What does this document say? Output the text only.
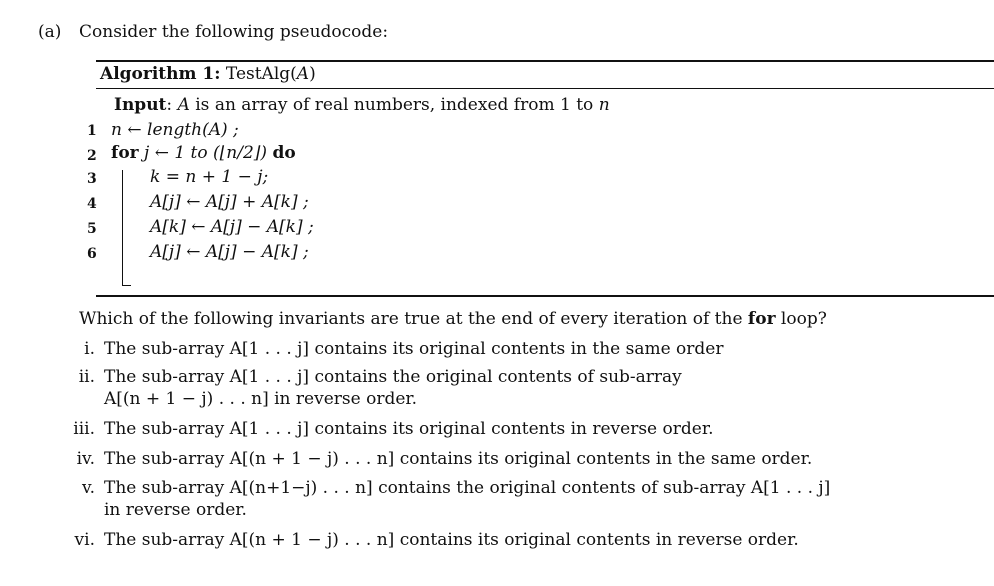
(a) Consider the following pseudocode:
Algorithm 1: TestAlg(A)
Input: A is an array of real numbers, indexed from 1 to n
1 n ← length(A) ;
2 for j ← 1 to (⌊n/2⌋) do
3	k = n + 1 − j;
4	A[j] ← A[j] + A[k] ;
5	A[k] ← A[j] − A[k] ;
6	A[j] ← A[j] − A[k] ;
Which of the following invariants are true at the end of every iteration of the for loop?
i. The sub-array A[1 . . . j] contains its original contents in the same order
ii. The sub-array A[1 . . . j] contains the original contents of sub-array
A[(n + 1 − j) . . . n] in reverse order.
iii. The sub-array A[1 . . . j] contains its original contents in reverse order.
iv. The sub-array A[(n + 1 − j) . . . n] contains its original contents in the same order.
v. The sub-array A[(n+1−j) . . . n] contains the original contents of sub-array A[1 . . . j]
in reverse order.
vi. The sub-array A[(n + 1 − j) . . . n] contains its original contents in reverse order.
